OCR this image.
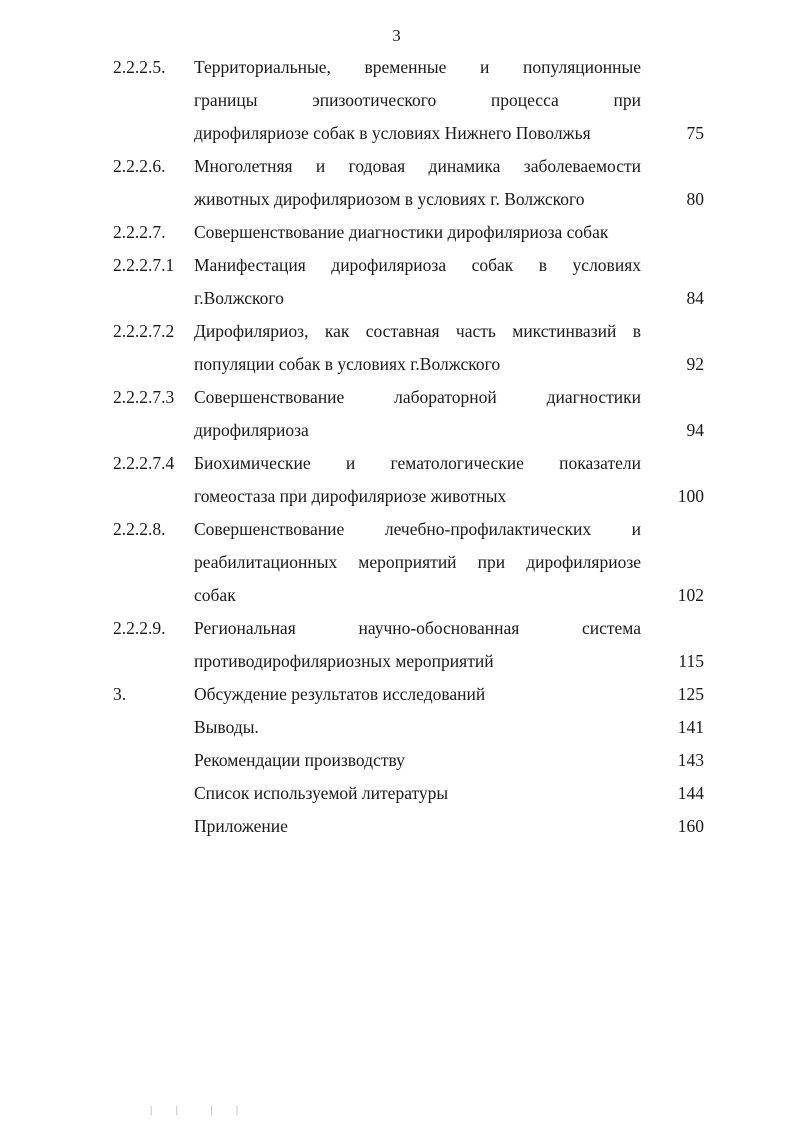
3
2.2.2.5. Территориальные, временные и популяционные
границы эпизоотического процесса при
дирофиляриозе собак в условиях Нижнего Поволжья	75
2.2.2.6. Многолетняя и годовая динамика заболеваемости
животных дирофиляриозом в условиях г. Волжского	80
2.2.2.7. Совершенствование диагностики дирофиляриоза собак
2.2.2.7.1 Манифестация дирофиляриоза собак в условиях
г.Волжского	84
2.2.2.7.2 Дирофиляриоз, как составная часть микстинвазий в
популяции собак в условиях г.Волжского	92
2.2.2.7.3 Совершенствование лабораторной диагностики
дирофиляриоза	94
2.2.2.7.4 Биохимические и гематологические показатели
гомеостаза при дирофиляриозе животных	100
2.2.2.8. Совершенствование лечебно-профилактических и
реабилитационных мероприятий при дирофиляриозе
собак	102
2.2.2.9. Региональная научно-обоснованная система
противодирофиляриозных мероприятий	115
3.	Обсуждение результатов исследований	125
Выводы.	141
Рекомендации производству	143
Список используемой литературы	144
Приложение	160
|  |   |  |
